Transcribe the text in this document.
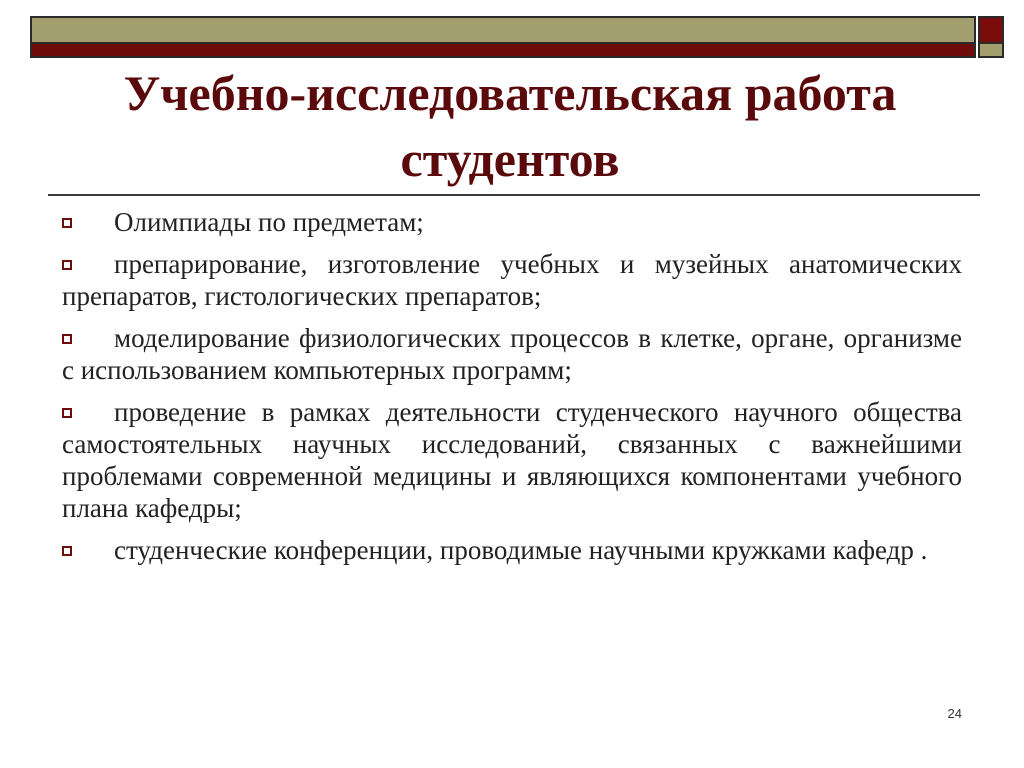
Учебно-исследовательская работа
студентов
Олимпиады по предметам;
препарирование, изготовление учебных и музейных анатомических препаратов, гистологических препаратов;
моделирование физиологических процессов в клетке, органе, организме с использованием компьютерных программ;
проведение в рамках деятельности студенческого научного общества самостоятельных научных исследований, связанных с важнейшими проблемами современной медицины и являющихся компонентами учебного плана кафедры;
студенческие конференции, проводимые научными кружками кафедр .
24
